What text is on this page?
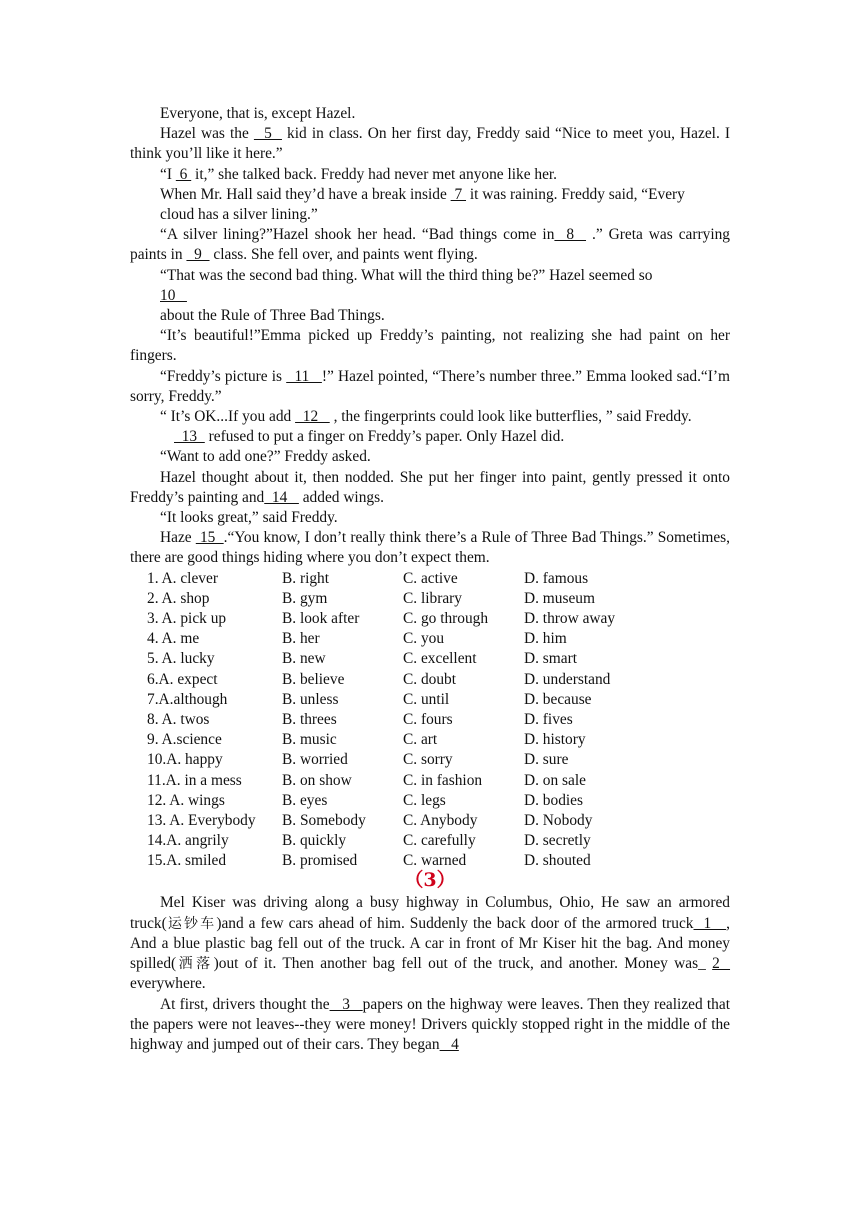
Everyone, that is, except Hazel.

Hazel was the   5   kid in class. On her first day, Freddy said “Nice to meet you, Hazel. I think you’ll like it here.”

“I  6  it,” she talked back. Freddy had never met anyone like her.

When Mr. Hall said they’d have a break inside  7  it was raining. Freddy said, “Every

cloud has a silver lining.”

“A silver lining?”Hazel shook her head. “Bad things come in  8   .” Greta was carrying paints in   9   class. She fell over, and paints went flying.

“That was the second bad thing. What will the third thing be?” Hazel seemed so

10

about the Rule of Three Bad Things.

“It’s beautiful!”Emma picked up Freddy’s painting, not realizing she had paint on her fingers.

“Freddy’s picture is   11   !” Hazel pointed, “There’s number three.” Emma looked sad.“I’m sorry, Freddy.”

“ It’s OK...If you add   12    , the fingerprints could look like butterflies, ” said Freddy.

13   refused to put a finger on Freddy’s paper. Only Hazel did.

“Want to add one?” Freddy asked.

Hazel thought about it, then nodded. She put her finger into paint, gently pressed it onto Freddy’s painting and  14    added wings.

“It looks great,” said Freddy.

Haze  15  .“You know, I don’t really think there’s a Rule of Three Bad Things.” Sometimes, there are good things hiding where you don’t expect them.

1. A. clever	B. right	C. active	D. famous
2. A. shop	B. gym	C. library	D. museum
3. A. pick up	B. look after	C. go through	D. throw away
4. A. me	B. her	C. you	D. him
5. A. lucky	B. new	C. excellent	D. smart
6.A. expect	B. believe	C. doubt	D. understand
7.A.although	B. unless	C. until	D. because
8. A. twos	B. threes	C. fours	D. fives
9. A.science	B. music	C. art	D. history
10.A. happy	B. worried	C. sorry	D. sure
11.A. in a mess	B. on show	C. in fashion	D. on sale
12. A. wings	B. eyes	C. legs	D. bodies
13. A. Everybody	B. Somebody	C. Anybody	D. Nobody
14.A. angrily	B. quickly	C. carefully	D. secretly
15.A. smiled	B. promised	C. warned	D. shouted
（3）

Mel Kiser was driving along a busy highway in Columbus, Ohio, He saw an armored truck(运钞车)and a few cars ahead of him. Suddenly the back door of the armored truck  1   , And a blue plastic bag fell out of the truck. A car in front of Mr Kiser hit the bag. And money spilled(洒落)out of it. Then another bag fell out of the truck, and another. Money was_ 2   everywhere.

At first, drivers thought the   3   papers on the highway were leaves. Then they realized that the papers were not leaves--they were money! Drivers quickly stopped right in the middle of the highway and jumped out of their cars. They began   4
